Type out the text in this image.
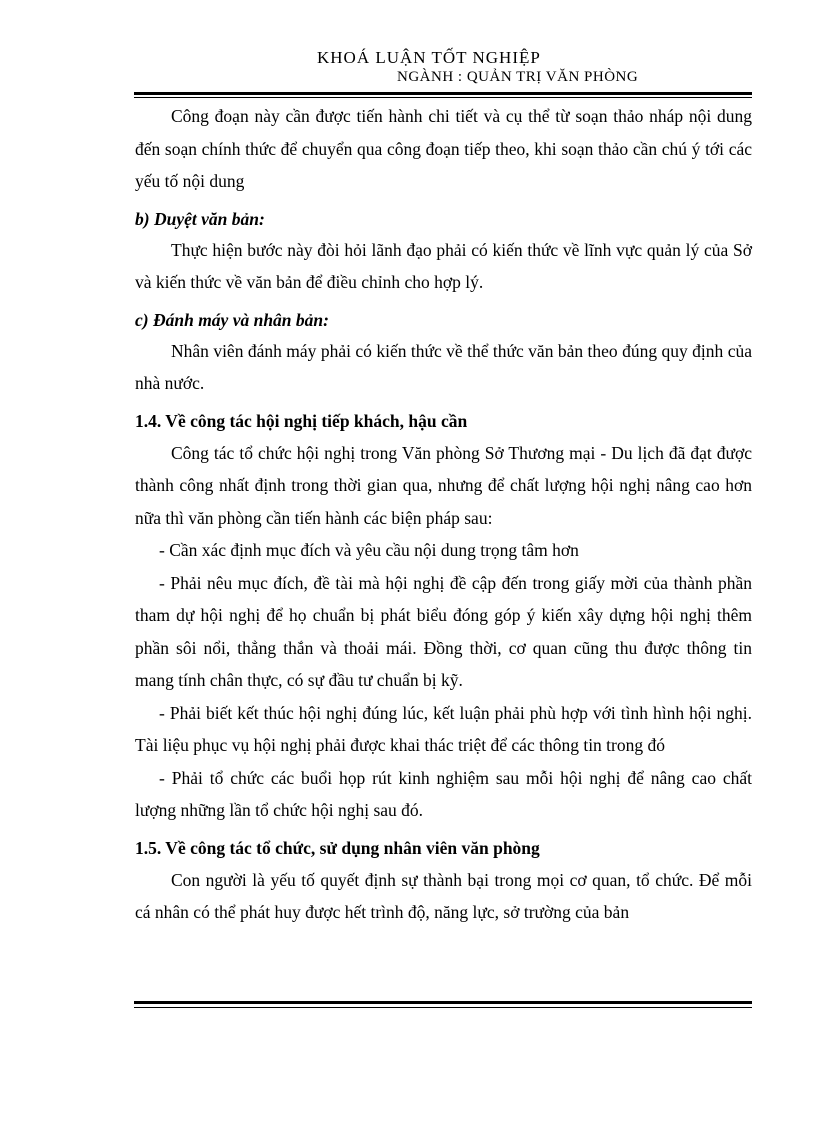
KHOÁ LUẬN TỐT NGHIỆP
NGÀNH : QUẢN TRỊ VĂN PHÒNG

Công đoạn này cần được tiến hành chi tiết và cụ thể từ soạn thảo nháp nội dung đến soạn chính thức để chuyển qua công đoạn tiếp theo, khi soạn thảo cần chú ý tới các yếu tố nội dung

b) Duyệt văn bản:

Thực hiện bước này đòi hỏi lãnh đạo phải có kiến thức về lĩnh vực quản lý của Sở và kiến thức về văn bản để điều chỉnh cho hợp lý.

c) Đánh máy và nhân bản:

Nhân viên đánh máy phải có kiến thức về thể thức văn bản theo đúng quy định của nhà nước.

1.4. Về công tác hội nghị tiếp khách, hậu cần

Công tác tổ chức hội nghị trong Văn phòng Sở Thương mại - Du lịch đã đạt được thành công nhất định trong thời gian qua, nhưng để chất lượng hội nghị nâng cao hơn nữa thì văn phòng cần tiến hành các biện pháp sau:

- Cần xác định mục đích và yêu cầu nội dung trọng tâm hơn

- Phải nêu mục đích, đề tài mà hội nghị đề cập đến trong giấy mời của thành phần tham dự hội nghị để họ chuẩn bị phát biểu đóng góp ý kiến xây dựng hội nghị thêm phần sôi nổi, thẳng thắn và thoải mái. Đồng thời, cơ quan cũng thu được thông tin mang tính chân thực, có sự đầu tư chuẩn bị kỹ.

- Phải biết kết thúc hội nghị đúng lúc, kết luận phải phù hợp với tình hình hội nghị. Tài liệu phục vụ hội nghị phải được khai thác triệt để các thông tin trong đó

- Phải tổ chức các buổi họp rút kinh nghiệm sau mỗi hội nghị để nâng cao chất lượng những lần tổ chức hội nghị sau đó.

1.5. Về công tác tổ chức, sử dụng nhân viên văn phòng

Con người là yếu tố quyết định sự thành bại trong mọi cơ quan, tổ chức. Để mỗi cá nhân có thể phát huy được hết trình độ, năng lực, sở trường của bản
